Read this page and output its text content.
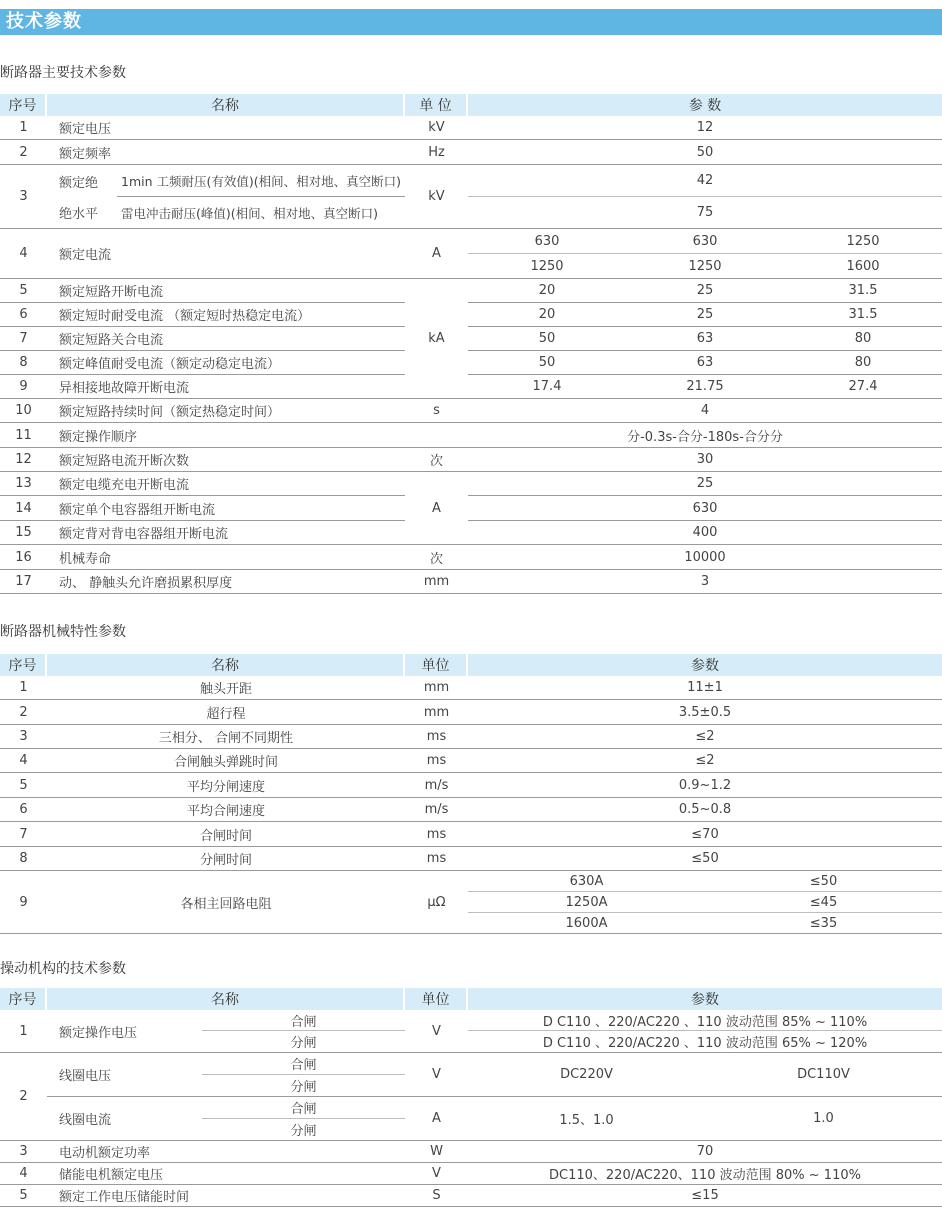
技术参数
断路器主要技术参数
序号	名称		单 位	参 数		
1	额定电压		kV	12		
2	额定频率		Hz	50		
3	额定绝	1min 工频耐压(有效值)(相间、相对地、真空断口)	kV	42		
	绝水平	雷电冲击耐压(峰值)(相间、相对地、真空断口)		75		
4	额定电流		A	630	630	1250
				1250	1250	1600
5	额定短路开断电流		kA	20	25	31.5
6	额定短时耐受电流 （额定短时热稳定电流）			20	25	31.5
7	额定短路关合电流			50	63	80
8	额定峰值耐受电流（额定动稳定电流）			50	63	80
9	异相接地故障开断电流			17.4	21.75	27.4
10	额定短路持续时间（额定热稳定时间）		s	4		
11	额定操作顺序			分-0.3s-合分-180s-合分分		
12	额定短路电流开断次数		次	30		
13	额定电缆充电开断电流		A	25		
14	额定单个电容器组开断电流			630		
15	额定背对背电容器组开断电流			400		
16	机械寿命		次	10000		
17	动、 静触头允许磨损累积厚度		mm	3		
断路器机械特性参数
序号	名称	单位	参数	
1	触头开距	mm	11±1	
2	超行程	mm	3.5±0.5	
3	三相分、 合闸不同期性	ms	≤2	
4	合闸触头弹跳时间	ms	≤2	
5	平均分闸速度	m/s	0.9~1.2	
6	平均合闸速度	m/s	0.5~0.8	
7	合闸时间	ms	≤70	
8	分闸时间	ms	≤50	
9	各相主回路电阻	μΩ	630A	≤50
			1250A	≤45
			1600A	≤35
操动机构的技术参数
序号	名称		单位	参数	
1	额定操作电压	合闸	V	D C110 、220/AC220 、110 波动范围 85% ~ 110%	
		分闸		D C110 、220/AC220 、110 波动范围 65% ~ 120%	
2	线圈电压	合闸	V	DC220V	DC110V
		分闸			
	线圈电流	合闸	A	1.5、1.0	1.0
		分闸			
3	电动机额定功率		W	70	
4	储能电机额定电压		V	DC110、220/AC220、110 波动范围 80% ~ 110%	
5	额定工作电压储能时间		S	≤15	
